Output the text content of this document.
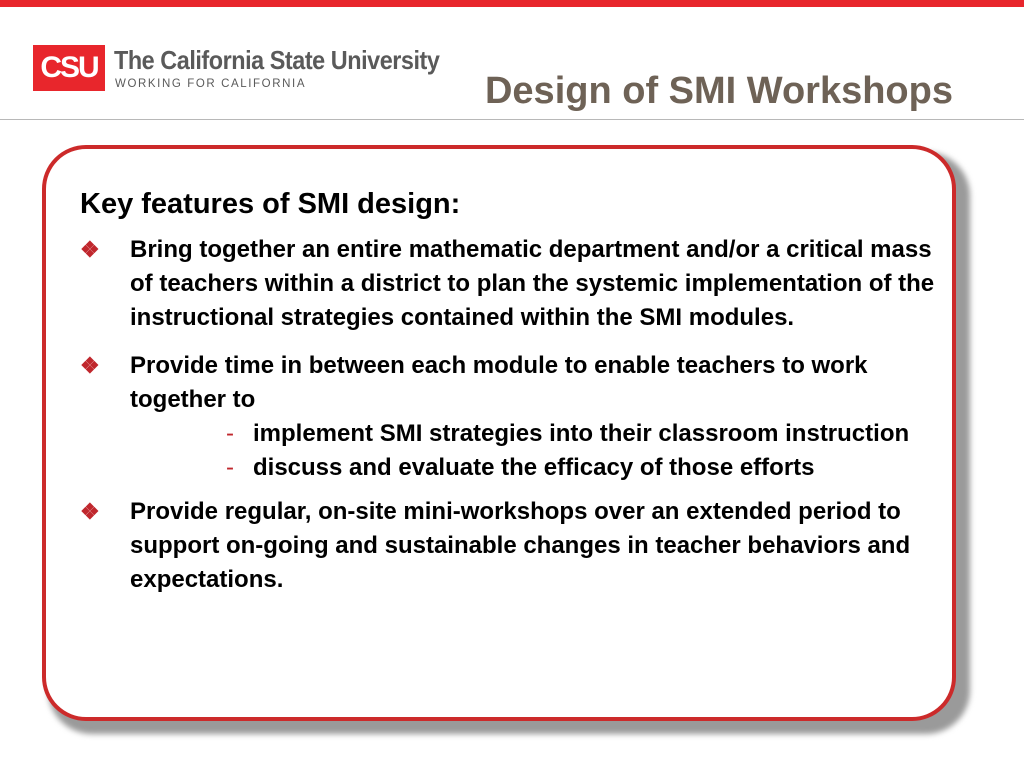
CSU The California State University
WORKING FOR CALIFORNIA	Design of SMI Workshops
Key features of SMI design:
❖ Bring together an entire mathematic department and/or a critical mass of teachers within a district to plan the systemic implementation of the instructional strategies contained within the SMI modules.
❖ Provide time in between each module to enable teachers to work together to
- implement SMI strategies into their classroom instruction
- discuss and evaluate the efficacy of those efforts
❖ Provide regular, on-site mini-workshops over an extended period to support on-going and sustainable changes in teacher behaviors and expectations.
